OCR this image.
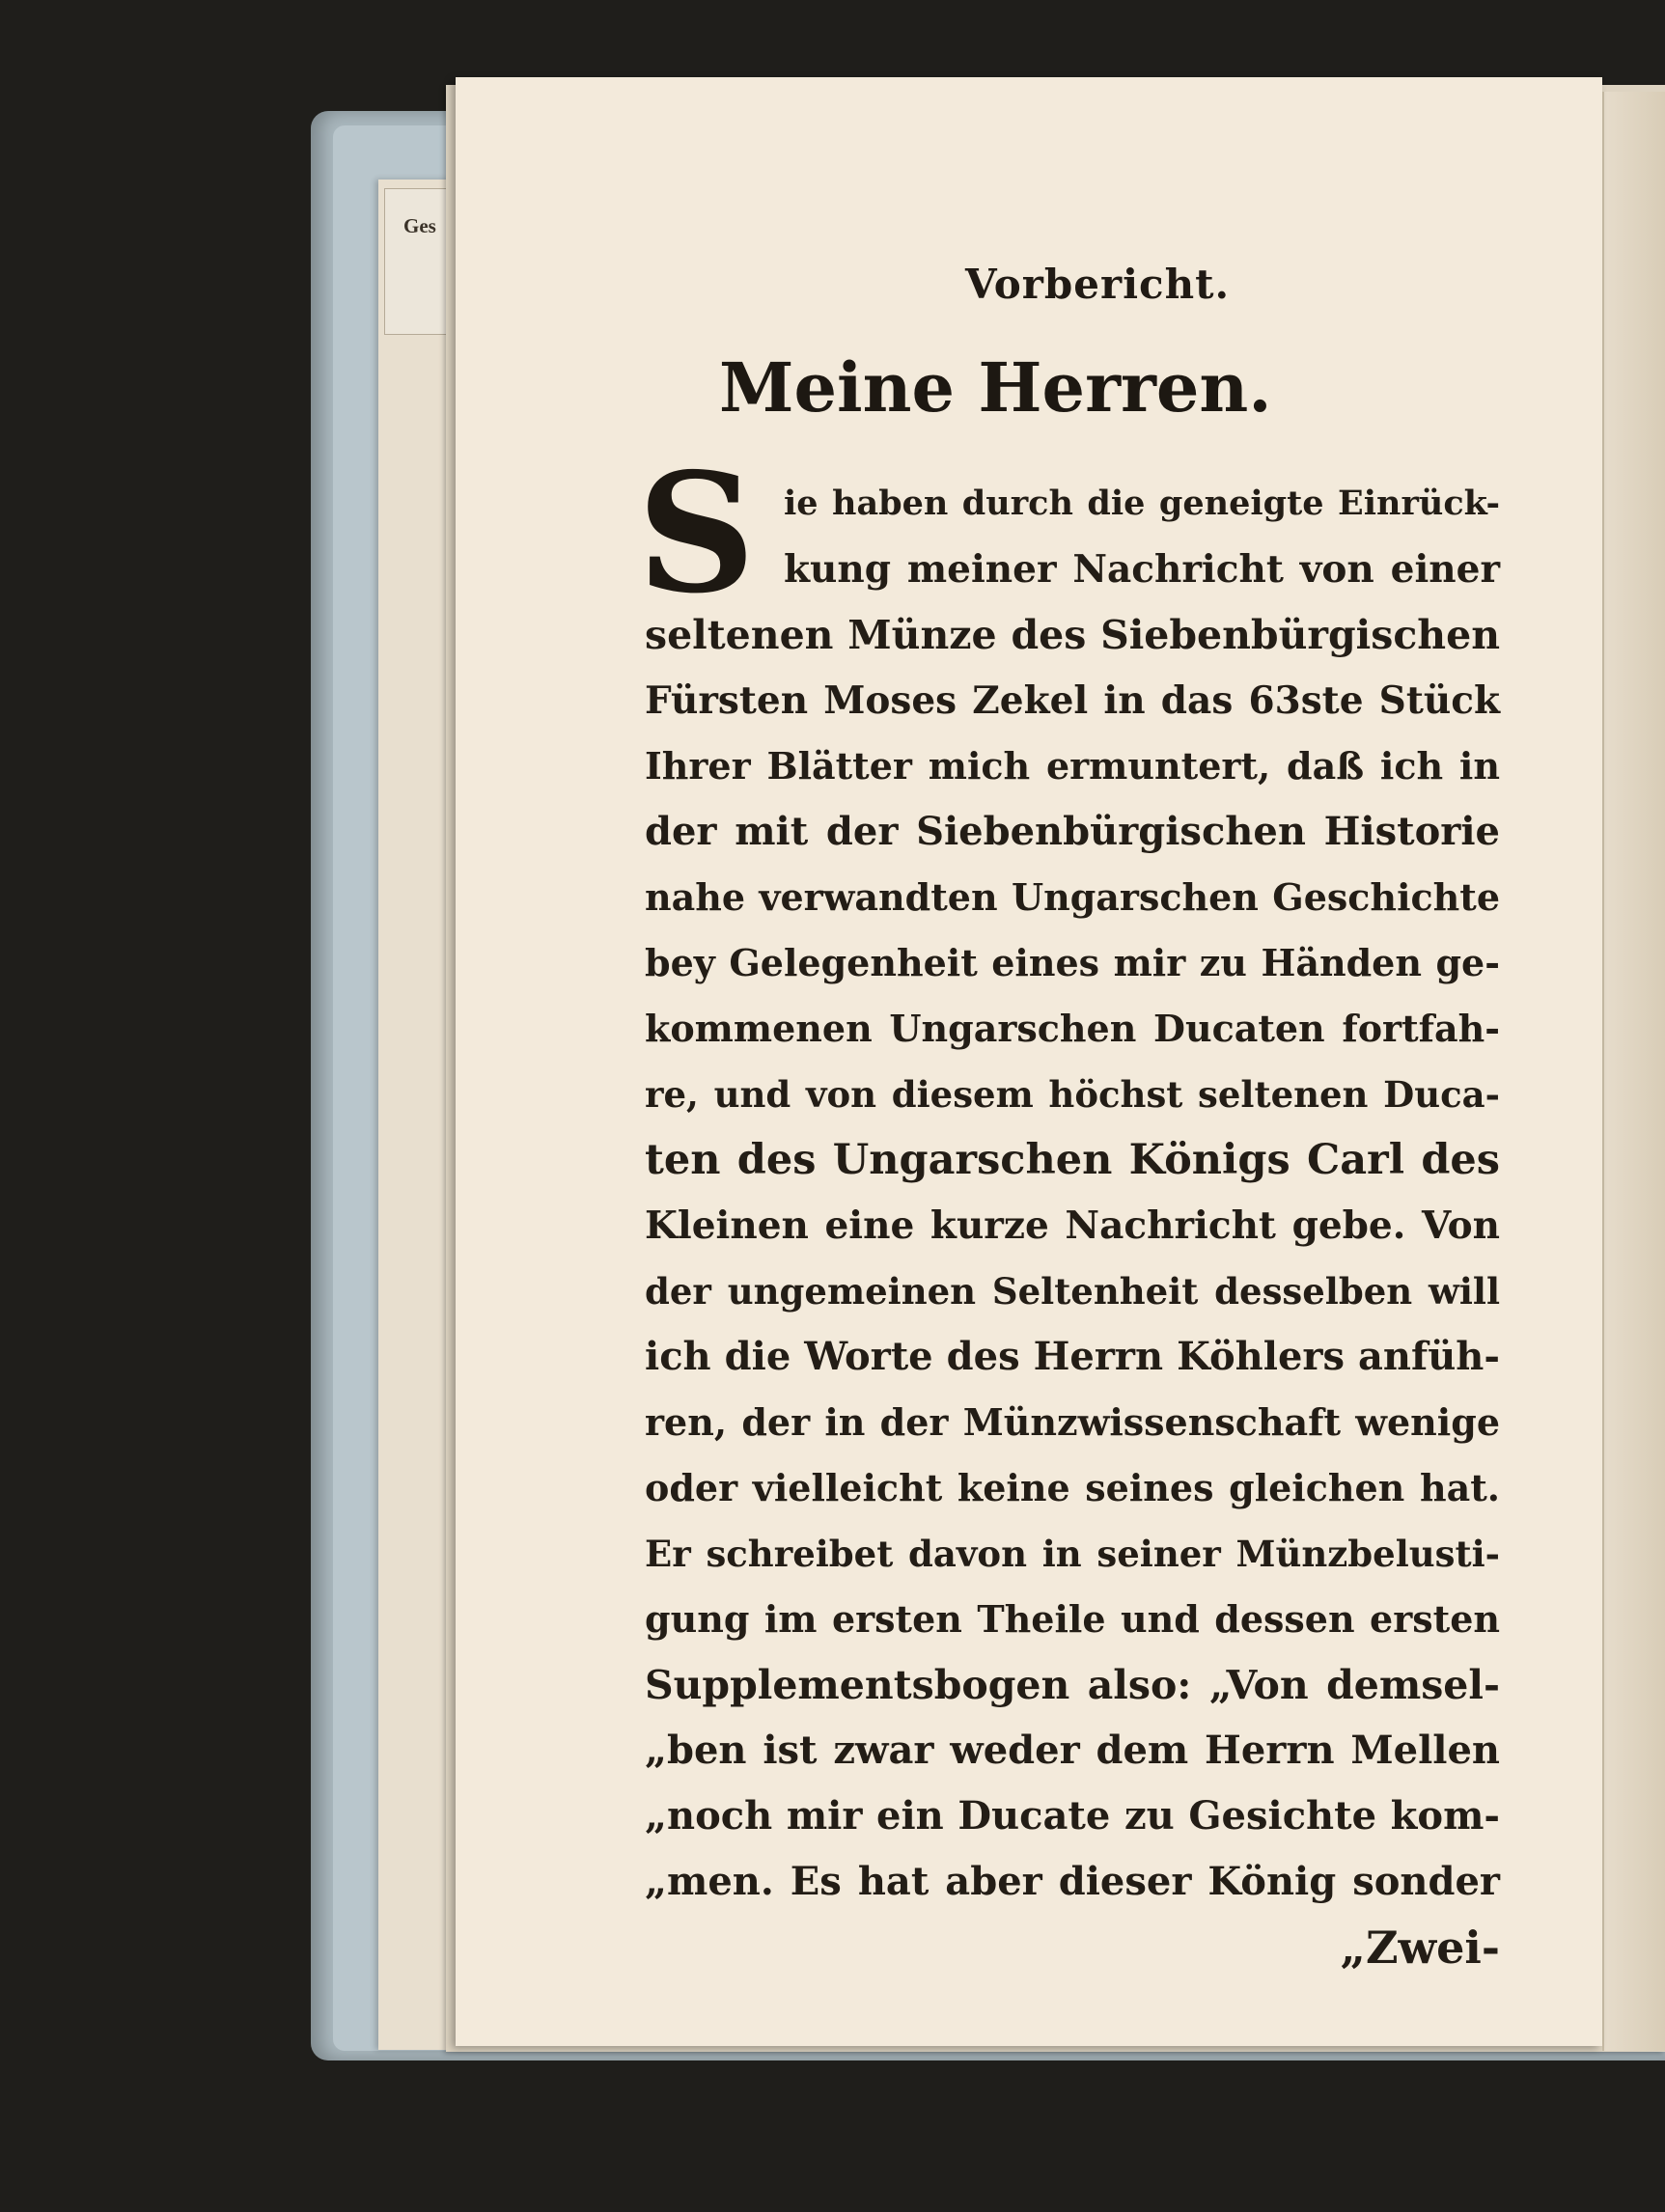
Ges
Vorbericht.
Meine Herren.
S ie haben durch die geneigte Einrück-
kung meiner Nachricht von einer
seltenen Münze des Siebenbürgischen
Fürsten Moses Zekel in das 63ste Stück
Ihrer Blätter mich ermuntert, daß ich in
der mit der Siebenbürgischen Historie
nahe verwandten Ungarschen Geschichte
bey Gelegenheit eines mir zu Händen ge-
kommenen Ungarschen Ducaten fortfah-
re, und von diesem höchst seltenen Duca-
ten des Ungarschen Königs Carl des
Kleinen eine kurze Nachricht gebe. Von
der ungemeinen Seltenheit desselben will
ich die Worte des Herrn Köhlers anfüh-
ren, der in der Münzwissenschaft wenige
oder vielleicht keine seines gleichen hat.
Er schreibet davon in seiner Münzbelusti-
gung im ersten Theile und dessen ersten
Supplementsbogen also: „Von demsel-
„ben ist zwar weder dem Herrn Mellen
„noch mir ein Ducate zu Gesichte kom-
„men. Es hat aber dieser König sonder
„Zwei-
